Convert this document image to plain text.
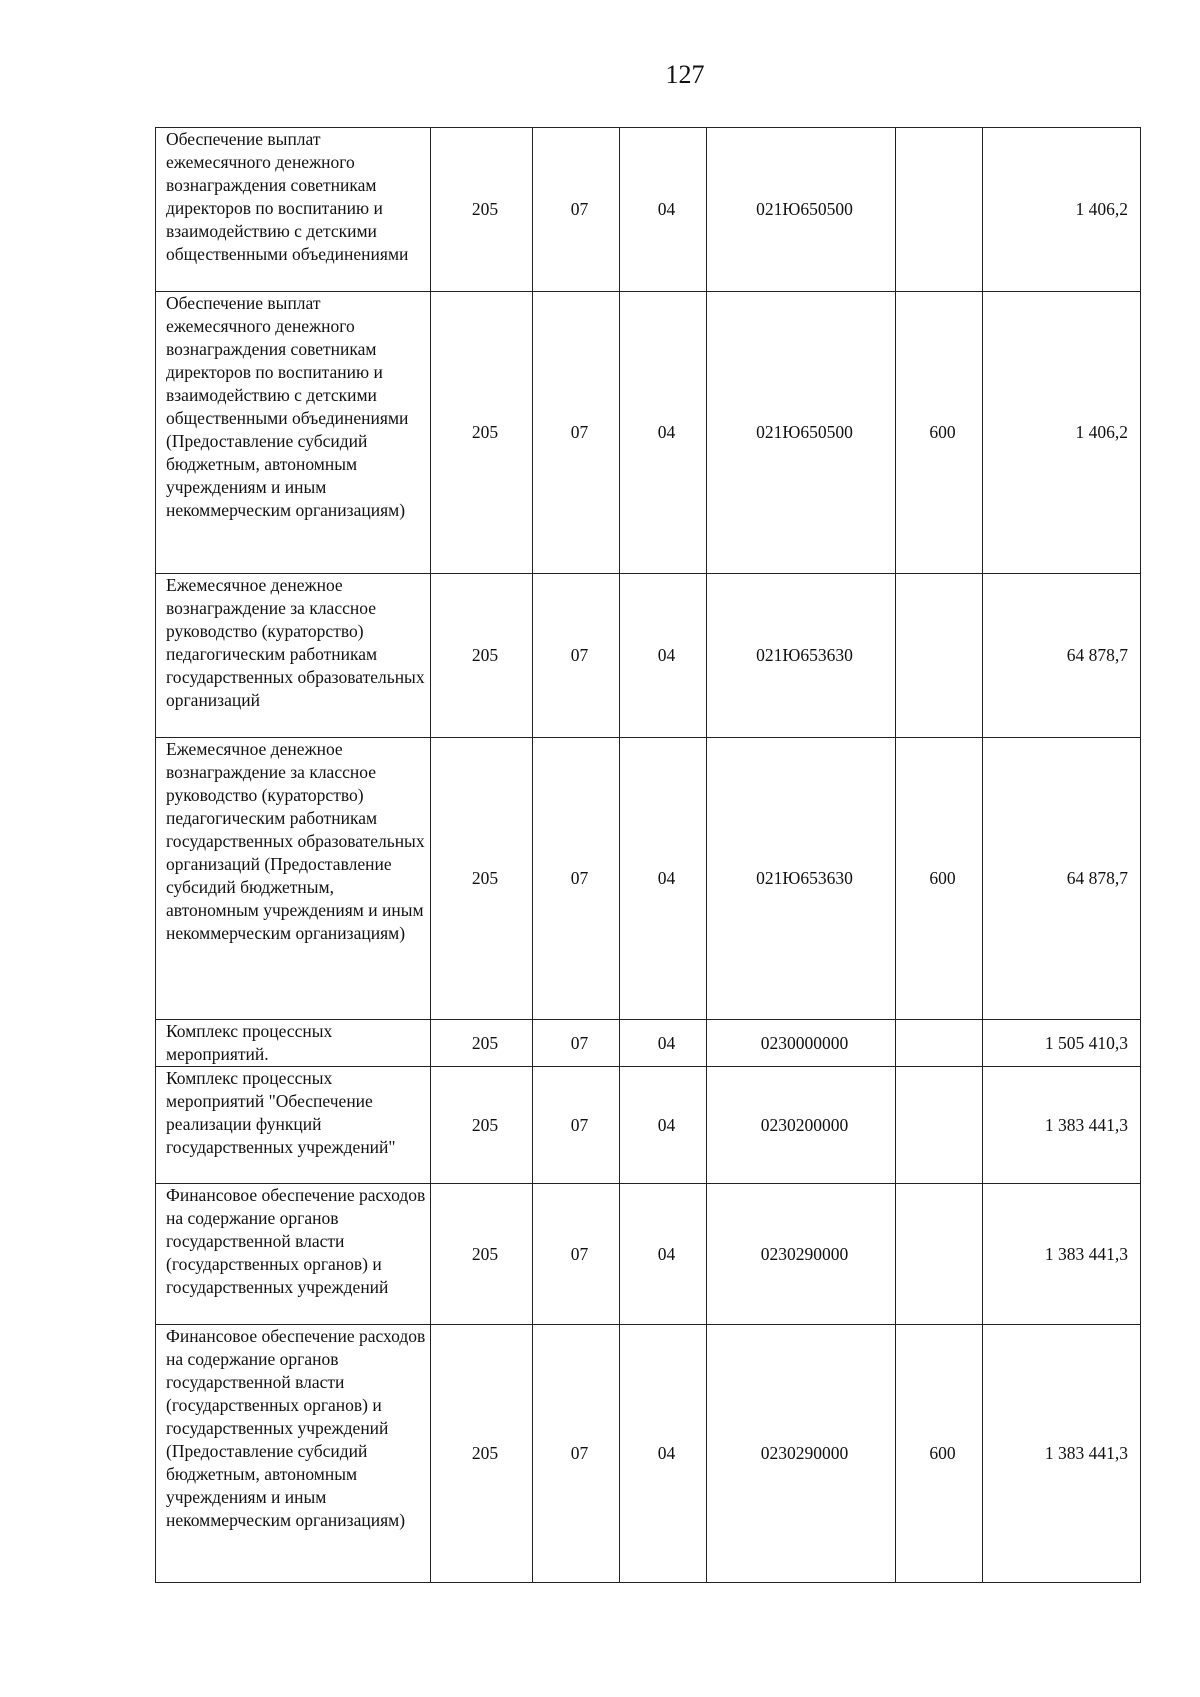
127
Обеспечение выплат ежемесячного денежного вознаграждения советникам директоров по воспитанию и взаимодействию с детскими общественными объединениями	205	07	04	021Ю650500		1 406,2
Обеспечение выплат ежемесячного денежного вознаграждения советникам директоров по воспитанию и взаимодействию с детскими общественными объединениями (Предоставление субсидий бюджетным, автономным учреждениям и иным некоммерческим организациям)	205	07	04	021Ю650500	600	1 406,2
Ежемесячное денежное вознаграждение за классное руководство (кураторство) педагогическим работникам государственных образовательных организаций	205	07	04	021Ю653630		64 878,7
Ежемесячное денежное вознаграждение за классное руководство (кураторство) педагогическим работникам государственных образовательных организаций (Предоставление субсидий бюджетным, автономным учреждениям и иным некоммерческим организациям)	205	07	04	021Ю653630	600	64 878,7
Комплекс процессных мероприятий.	205	07	04	0230000000		1 505 410,3
Комплекс процессных мероприятий "Обеспечение реализации функций государственных учреждений"	205	07	04	0230200000		1 383 441,3
Финансовое обеспечение расходов на содержание органов государственной власти (государственных органов) и государственных учреждений	205	07	04	0230290000		1 383 441,3
Финансовое обеспечение расходов на содержание органов государственной власти (государственных органов) и государственных учреждений (Предоставление субсидий бюджетным, автономным учреждениям и иным некоммерческим организациям)	205	07	04	0230290000	600	1 383 441,3
